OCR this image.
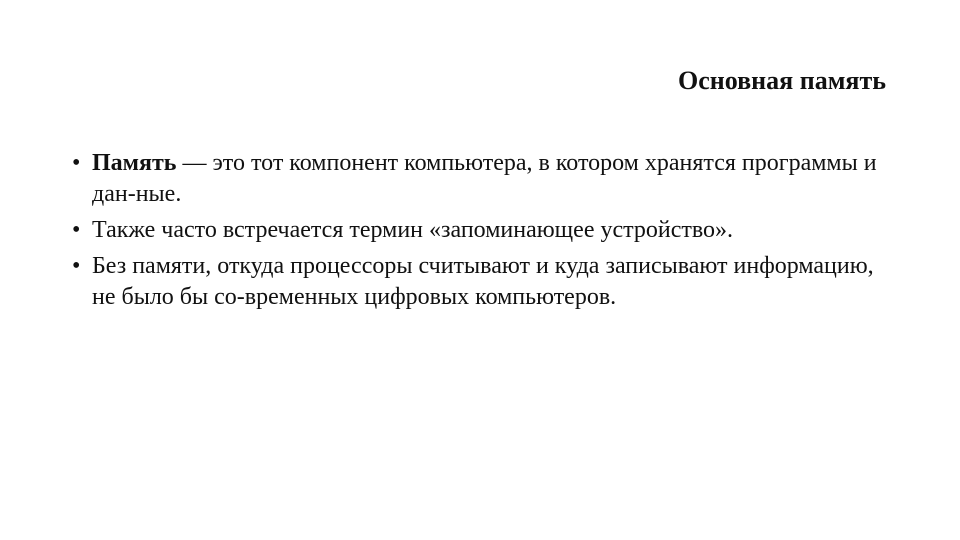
Основная память
• Память — это тот компонент компьютера, в котором хранятся программы и дан-ные.
• Также часто встречается термин «запоминающее устройство».
• Без памяти, откуда процессоры считывают и куда записывают информацию, не было бы со-временных цифровых компьютеров.
